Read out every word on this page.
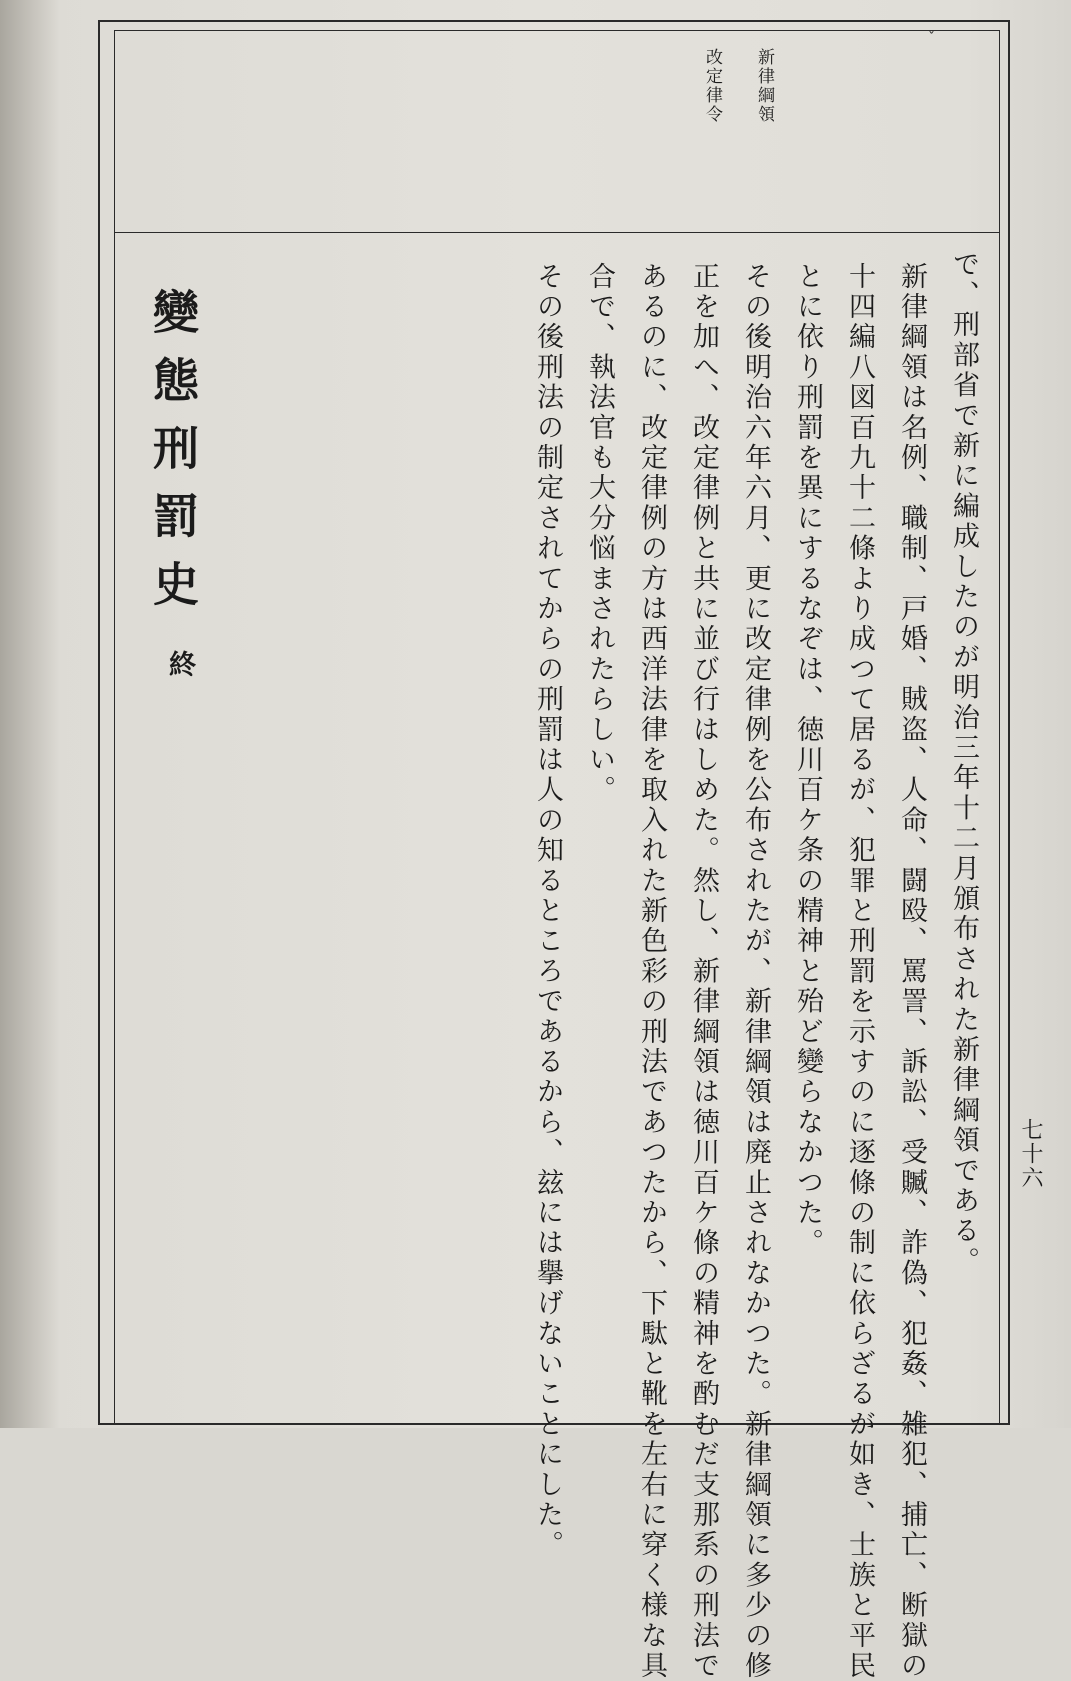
ˇ
新律綱領
改定律令
で、刑部省で新に編成したのが明治三年十二月頒布された新律綱領である。
新律綱領は名例、職制、戸婚、賊盗、人命、闘殴、罵詈、訴訟、受贓、詐偽、犯姦、雑犯、捕亡、断獄の
十四編八図百九十二條より成つて居るが、犯罪と刑罰を示すのに逐條の制に依らざるが如き、士族と平民
とに依り刑罰を異にするなぞは、徳川百ケ条の精神と殆ど變らなかつた。
その後明治六年六月、更に改定律例を公布されたが、新律綱領は廃止されなかつた。新律綱領に多少の修
正を加へ、改定律例と共に並び行はしめた。然し、新律綱領は徳川百ケ條の精神を酌むだ支那系の刑法で
あるのに、改定律例の方は西洋法律を取入れた新色彩の刑法であつたから、下駄と靴を左右に穿く様な具
合で、執法官も大分悩まされたらしい。
その後刑法の制定されてからの刑罰は人の知るところであるから、玆には擧げないことにした。
變態刑罰史
終
七十六
